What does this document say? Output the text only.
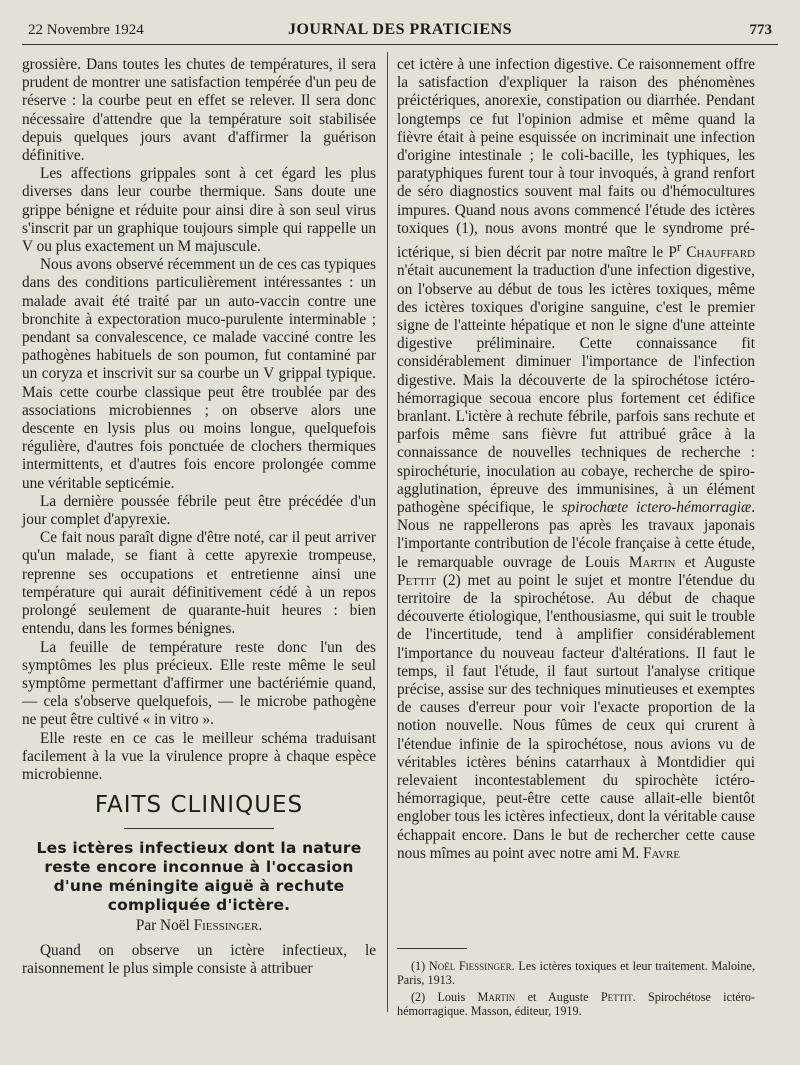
22 Novembre 1924	JOURNAL DES PRATICIENS	773

grossière. Dans toutes les chutes de températures, il sera prudent de montrer une satisfaction tempérée d'un peu de réserve : la courbe peut en effet se relever. Il sera donc nécessaire d'attendre que la température soit stabilisée depuis quelques jours avant d'affirmer la guérison définitive.

Les affections grippales sont à cet égard les plus diverses dans leur courbe thermique. Sans doute une grippe bénigne et réduite pour ainsi dire à son seul virus s'inscrit par un graphique toujours simple qui rappelle un V ou plus exactement un M majuscule.

Nous avons observé récemment un de ces cas typiques dans des conditions particulièrement intéressantes : un malade avait été traité par un auto-vaccin contre une bronchite à expectoration muco-purulente interminable ; pendant sa convalescence, ce malade vacciné contre les pathogènes habituels de son poumon, fut contaminé par un coryza et inscrivit sur sa courbe un V grippal typique. Mais cette courbe classique peut être troublée par des associations microbiennes ; on observe alors une descente en lysis plus ou moins longue, quelquefois régulière, d'autres fois ponctuée de clochers thermiques intermittents, et d'autres fois encore prolongée comme une véritable septicémie.

La dernière poussée fébrile peut être précédée d'un jour complet d'apyrexie.

Ce fait nous paraît digne d'être noté, car il peut arriver qu'un malade, se fiant à cette apyrexie trompeuse, reprenne ses occupations et entretienne ainsi une température qui aurait définitivement cédé à un repos prolongé seulement de quarante-huit heures : bien entendu, dans les formes bénignes.

La feuille de température reste donc l'un des symptômes les plus précieux. Elle reste même le seul symptôme permettant d'affirmer une bactériémie quand, — cela s'observe quelquefois, — le microbe pathogène ne peut être cultivé « in vitro ».

Elle reste en ce cas le meilleur schéma traduisant facilement à la vue la virulence propre à chaque espèce microbienne.

FAITS CLINIQUES
Les ictères infectieux dont la nature reste encore inconnue à l'occasion d'une méningite aiguë à rechute compliquée d'ictère.
Par Noël Fiessinger.

Quand on observe un ictère infectieux, le raisonnement le plus simple consiste à attribuer

cet ictère à une infection digestive. Ce raisonnement offre la satisfaction d'expliquer la raison des phénomènes préictériques, anorexie, constipation ou diarrhée. Pendant longtemps ce fut l'opinion admise et même quand la fièvre était à peine esquissée on incriminait une infection d'origine intestinale ; le coli-bacille, les typhiques, les paratyphiques furent tour à tour invoqués, à grand renfort de séro diagnostics souvent mal faits ou d'hémocultures impures. Quand nous avons commencé l'étude des ictères toxiques (1), nous avons montré que le syndrome pré-ictérique, si bien décrit par notre maître le $P^r$ Chauffard n'était aucunement la traduction d'une infection digestive, on l'observe au début de tous les ictères toxiques, même des ictères toxiques d'origine sanguine, c'est le premier signe de l'atteinte hépatique et non le signe d'une atteinte digestive préliminaire. Cette connaissance fit considérablement diminuer l'importance de l'infection digestive. Mais la découverte de la spirochétose ictéro-hémorragique secoua encore plus fortement cet édifice branlant. L'ictère à rechute fébrile, parfois sans rechute et parfois même sans fièvre fut attribué grâce à la connaissance de nouvelles techniques de recherche : spirochéturie, inoculation au cobaye, recherche de spiro-agglutination, épreuve des immunisines, à un élément pathogène spécifique, le spirochœte ictero-hémorragiæ. Nous ne rappellerons pas après les travaux japonais l'importante contribution de l'école française à cette étude, le remarquable ouvrage de Louis Martin et Auguste Pettit (2) met au point le sujet et montre l'étendue du territoire de la spirochétose. Au début de chaque découverte étiologique, l'enthousiasme, qui suit le trouble de l'incertitude, tend à amplifier considérablement l'importance du nouveau facteur d'altérations. Il faut le temps, il faut l'étude, il faut surtout l'analyse critique précise, assise sur des techniques minutieuses et exemptes de causes d'erreur pour voir l'exacte proportion de la notion nouvelle. Nous fûmes de ceux qui crurent à l'étendue infinie de la spirochétose, nous avions vu de véritables ictères bénins catarrhaux à Montdidier qui relevaient incontestablement du spirochète ictéro-hémorragique, peut-être cette cause allait-elle bientôt englober tous les ictères infectieux, dont la véritable cause échappait encore. Dans le but de rechercher cette cause nous mîmes au point avec notre ami M. Favre

(1) Noël Fiessinger. Les ictères toxiques et leur traitement. Maloine, Paris, 1913.

(2) Louis Martin et Auguste Pettit. Spirochétose ictéro-hémorragique. Masson, éditeur, 1919.
